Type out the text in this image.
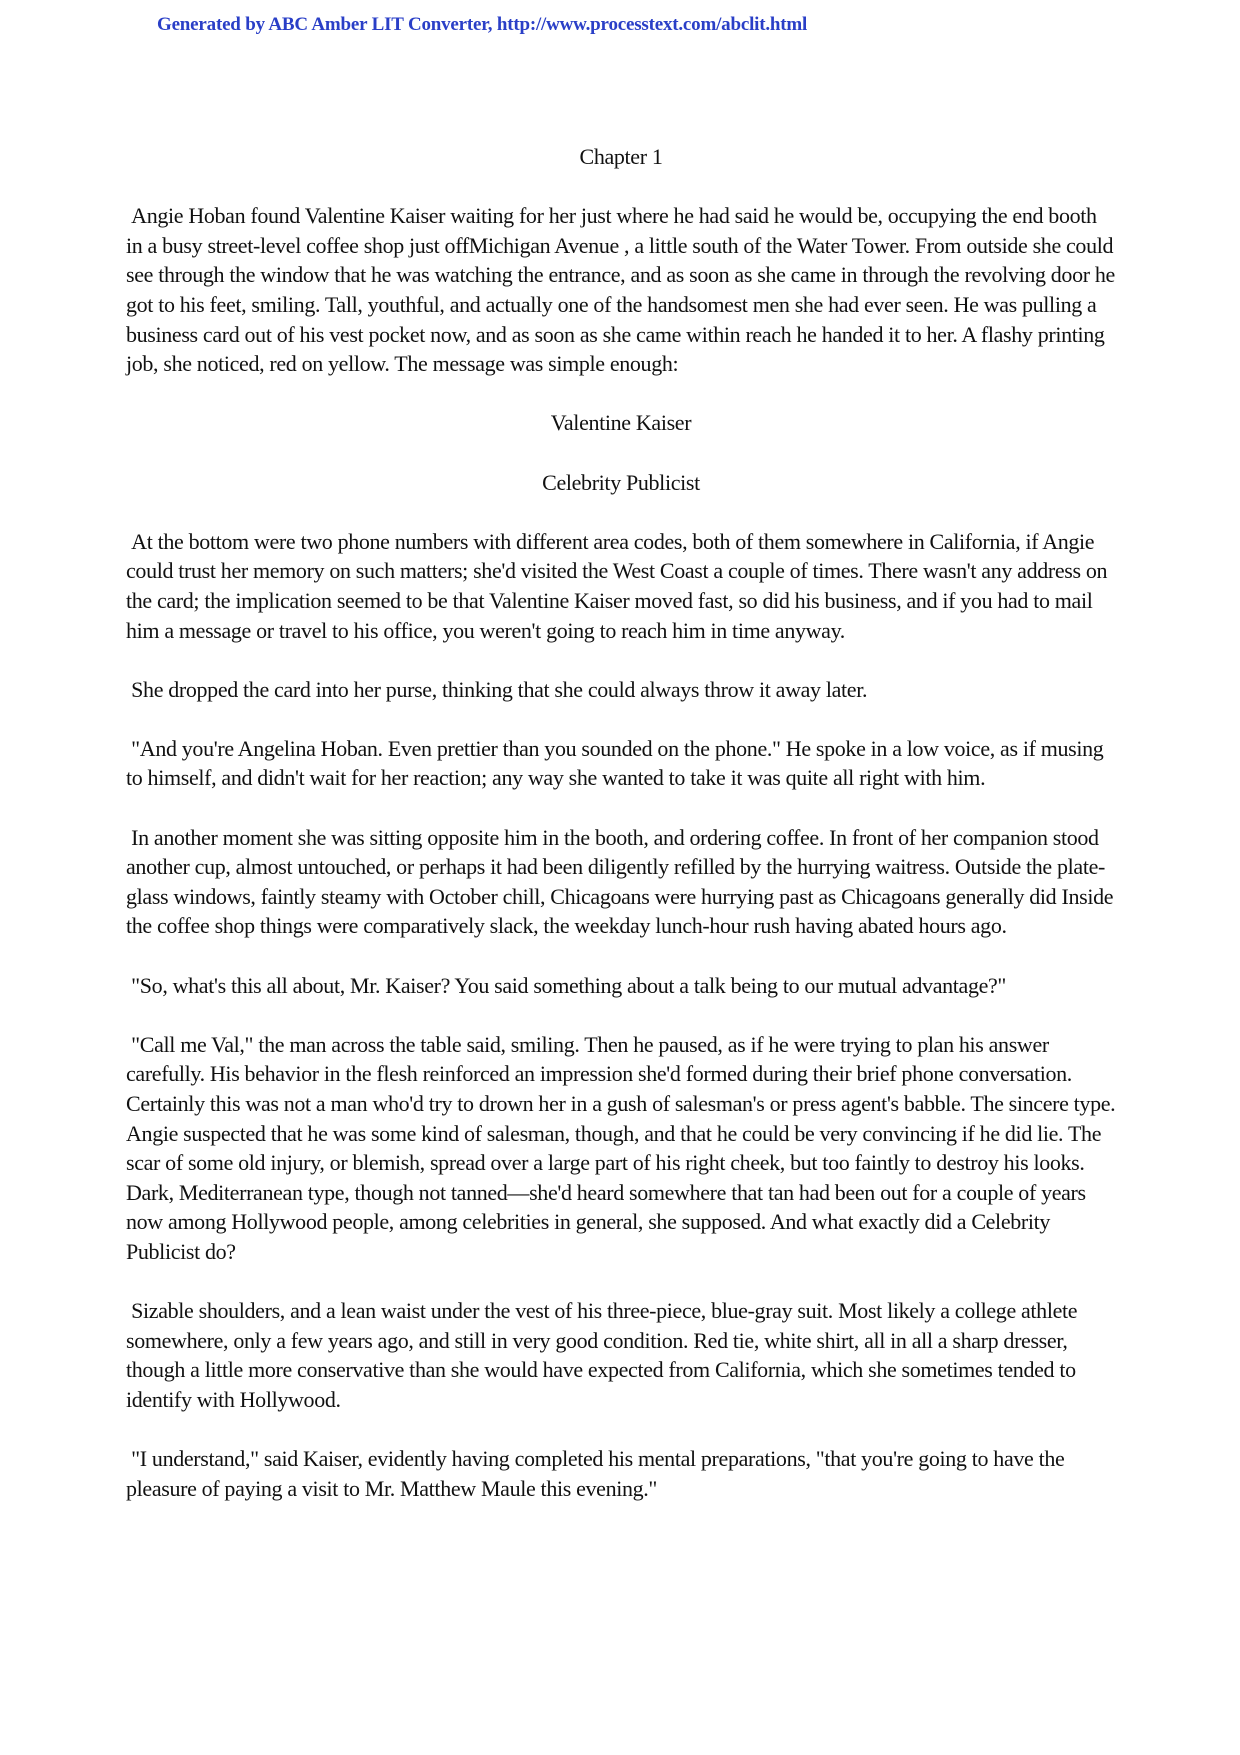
Generated by ABC Amber LIT Converter, http://www.processtext.com/abclit.html

Chapter 1

Angie Hoban found Valentine Kaiser waiting for her just where he had said he would be, occupying the end booth in a busy street-level coffee shop just offMichigan Avenue , a little south of the Water Tower. From outside she could see through the window that he was watching the entrance, and as soon as she came in through the revolving door he got to his feet, smiling. Tall, youthful, and actually one of the handsomest men she had ever seen. He was pulling a business card out of his vest pocket now, and as soon as she came within reach he handed it to her. A flashy printing job, she noticed, red on yellow. The message was simple enough:

Valentine Kaiser

Celebrity Publicist

At the bottom were two phone numbers with different area codes, both of them somewhere in California, if Angie could trust her memory on such matters; she'd visited the West Coast a couple of times. There wasn't any address on the card; the implication seemed to be that Valentine Kaiser moved fast, so did his business, and if you had to mail him a message or travel to his office, you weren't going to reach him in time anyway.

She dropped the card into her purse, thinking that she could always throw it away later.

"And you're Angelina Hoban. Even prettier than you sounded on the phone." He spoke in a low voice, as if musing to himself, and didn't wait for her reaction; any way she wanted to take it was quite all right with him.

In another moment she was sitting opposite him in the booth, and ordering coffee. In front of her companion stood another cup, almost untouched, or perhaps it had been diligently refilled by the hurrying waitress. Outside the plate-glass windows, faintly steamy with October chill, Chicagoans were hurrying past as Chicagoans generally did Inside the coffee shop things were comparatively slack, the weekday lunch-hour rush having abated hours ago.

"So, what's this all about, Mr. Kaiser? You said something about a talk being to our mutual advantage?"

"Call me Val," the man across the table said, smiling. Then he paused, as if he were trying to plan his answer carefully. His behavior in the flesh reinforced an impression she'd formed during their brief phone conversation. Certainly this was not a man who'd try to drown her in a gush of salesman's or press agent's babble. The sincere type. Angie suspected that he was some kind of salesman, though, and that he could be very convincing if he did lie. The scar of some old injury, or blemish, spread over a large part of his right cheek, but too faintly to destroy his looks. Dark, Mediterranean type, though not tanned—she'd heard somewhere that tan had been out for a couple of years now among Hollywood people, among celebrities in general, she supposed. And what exactly did a Celebrity Publicist do?

Sizable shoulders, and a lean waist under the vest of his three-piece, blue-gray suit. Most likely a college athlete somewhere, only a few years ago, and still in very good condition. Red tie, white shirt, all in all a sharp dresser, though a little more conservative than she would have expected from California, which she sometimes tended to identify with Hollywood.

"I understand," said Kaiser, evidently having completed his mental preparations, "that you're going to have the pleasure of paying a visit to Mr. Matthew Maule this evening."
